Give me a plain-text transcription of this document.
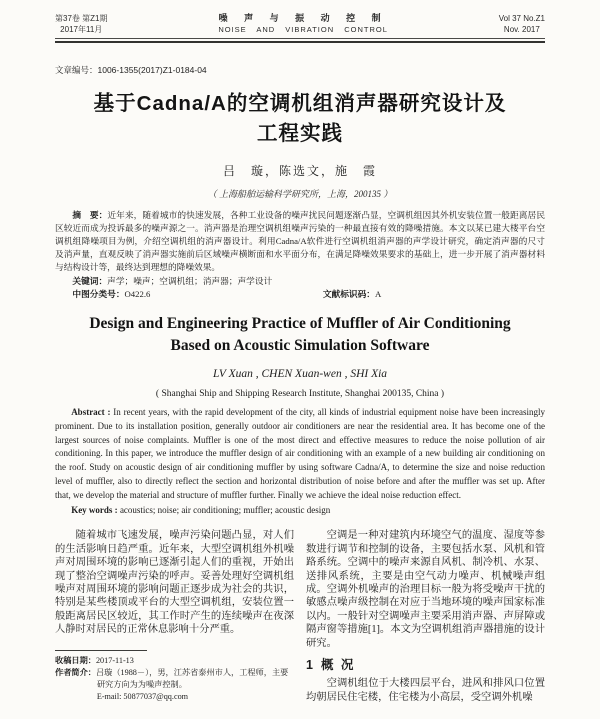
第37卷 第Z1期
2017年11月
噪 声 与 振 动 控 制
NOISE AND VIBRATION CONTROL
Vol 37 No.Z1
Nov. 2017
文章编号：1006-1355(2017)Z1-0184-04
基于Cadna/A的空调机组消声器研究设计及
工程实践
吕　璇，陈选文，施　霞
（ 上海船舶运输科学研究所，上海，200135 ）

摘　要：近年来，随着城市的快速发展，各种工业设备的噪声扰民问题逐渐凸显，空调机组因其外机安装位置一般距离居民区较近而成为投诉最多的噪声源之一。消声器是治理空调机组噪声污染的一种最直接有效的降噪措施。本文以某已建大楼平台空调机组降噪项目为例，介绍空调机组的消声器设计。利用Cadna/A软件进行空调机组消声器的声学设计研究，确定消声器的尺寸及消声量，直观反映了消声器实施前后区域噪声横断面和水平面分布，在满足降噪效果要求的基础上，进一步开展了消声器材料与结构设计等，最终达到理想的降噪效果。

关键词：声学；噪声；空调机组；消声器；声学设计

中图分类号：O422.6	文献标识码：A
Design and Engineering Practice of Muffler of Air Conditioning
Based on Acoustic Simulation Software
LV Xuan , CHEN Xuan-wen , SHI Xia
( Shanghai Ship and Shipping Research Institute, Shanghai 200135, China )

Abstract : In recent years, with the rapid development of the city, all kinds of industrial equipment noise have been increasingly prominent. Due to its installation position, generally outdoor air conditioners are near the residential area. It has become one of the largest sources of noise complaints. Muffler is one of the most direct and effective measures to reduce the noise pollution of air conditioning. In this paper, we introduce the muffler design of air conditioning with an example of a new building air conditioning on the roof. Study on acoustic design of air conditioning muffler by using software Cadna/A, to determine the size and noise reduction level of muffler, also to directly reflect the section and horizontal distribution of noise before and after the muffler was set up. After that, we develop the material and structure of muffler further. Finally we achieve the ideal noise reduction effect.

Key words : acoustics; noise; air conditioning; muffler; acoustic design

随着城市飞速发展，噪声污染问题凸显，对人们的生活影响日趋严重。近年来，大型空调机组外机噪声对周围环境的影响已逐渐引起人们的重视，开始出现了整治空调噪声污染的呼声。妥善处理好空调机组噪声对周围环境的影响问题正逐步成为社会的共识，特别是某些楼顶或平台的大型空调机组，安装位置一般距离居民区较近，其工作时产生的连续噪声在夜深人静时对居民的正常休息影响十分严重。

收稿日期：2017-11-13
作者简介：吕璇（1988－），男，江苏省泰州市人，工程师，主要研究方向为为噪声控制。
E-mail: 50877037@qq.com

空调是一种对建筑内环境空气的温度、湿度等参数进行调节和控制的设备，主要包括水泵、风机和管路系统。空调中的噪声来源自风机、制冷机、水泵、送排风系统，主要是由空气动力噪声、机械噪声组成。空调外机噪声的治理目标一般为将受噪声干扰的敏感点噪声级控制在对应于当地环境的噪声国家标准以内。一般针对空调噪声主要采用消声器、声屏障或隔声窗等措施[1]。本文为空调机组消声器措施的设计研究。

1 概 况

空调机组位于大楼四层平台，进风和排风口位置均朝居民住宅楼，住宅楼为小高层，受空调外机噪
